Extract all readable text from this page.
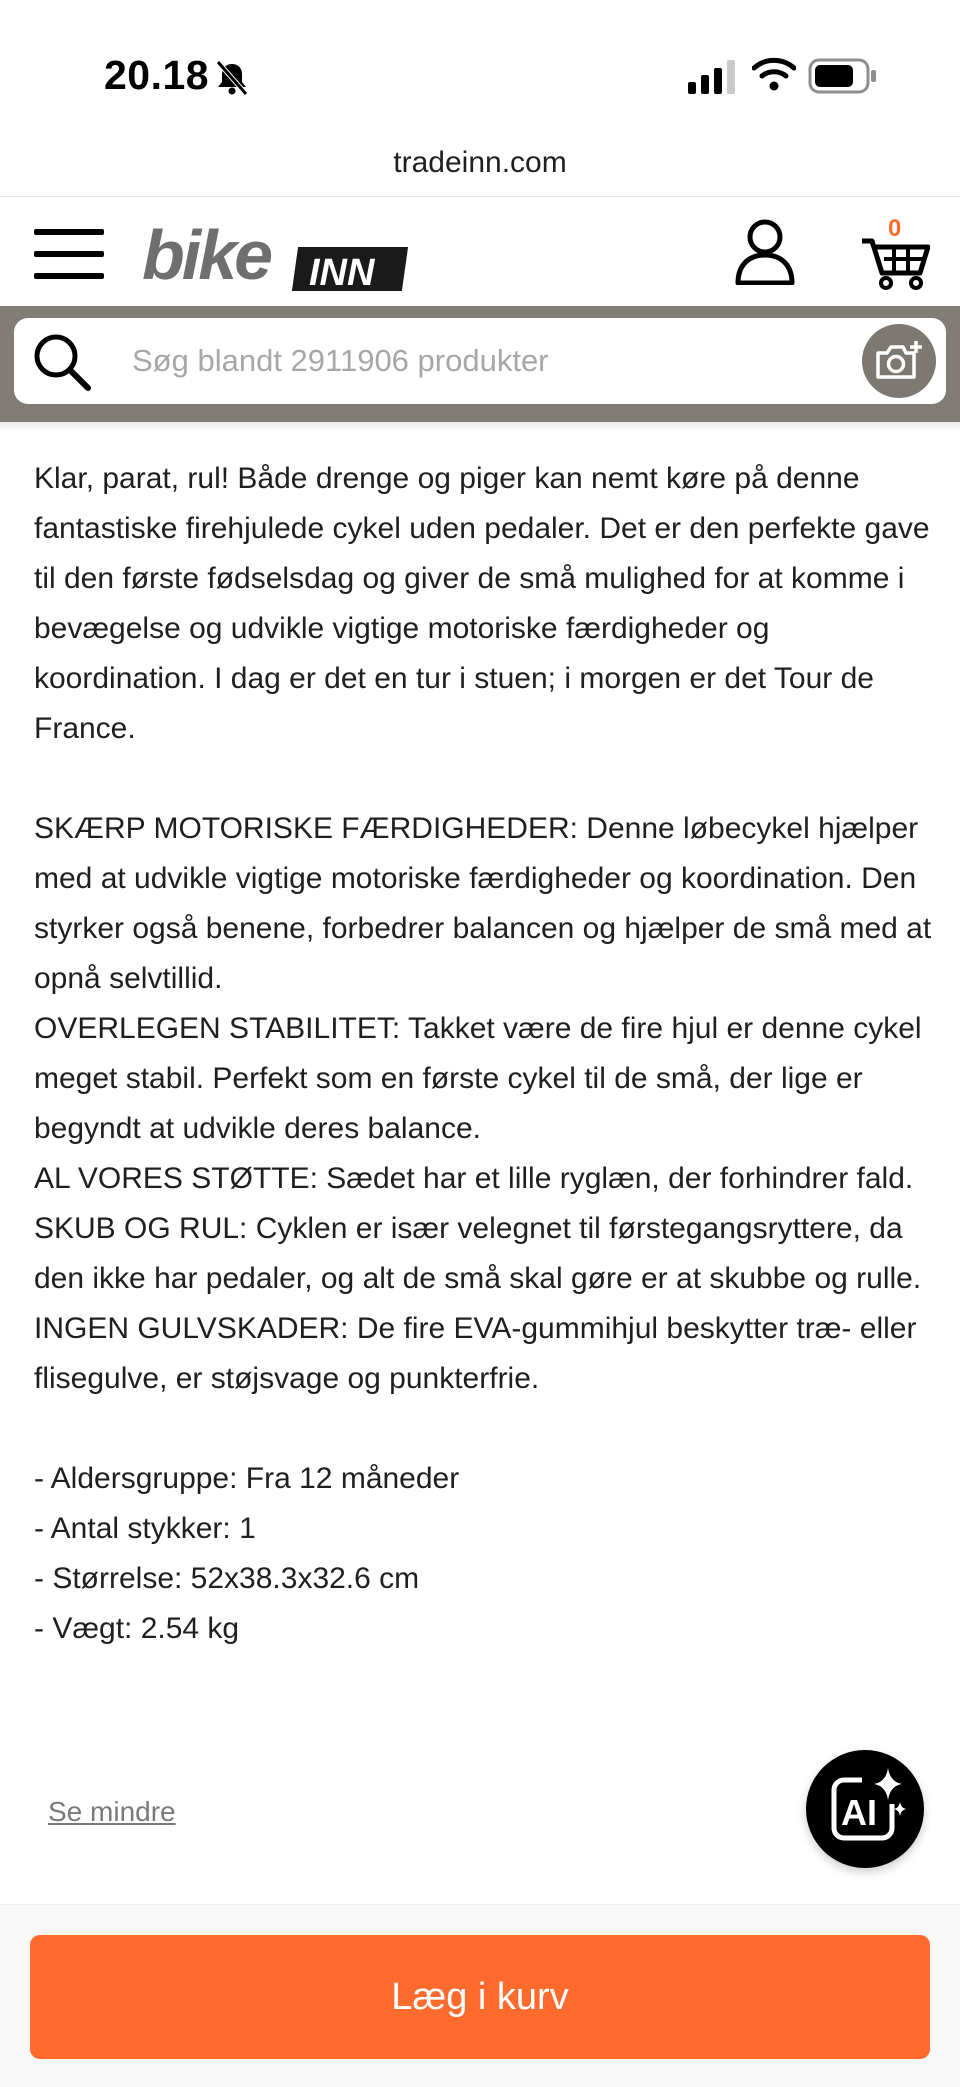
20.18
tradeinn.com
bike INN
0
Søg blandt 2911906 produkter

Klar, parat, rul! Både drenge og piger kan nemt køre på denne fantastiske firehjulede cykel uden pedaler. Det er den perfekte gave til den første fødselsdag og giver de små mulighed for at komme i bevægelse og udvikle vigtige motoriske færdigheder og koordination. I dag er det en tur i stuen; i morgen er det Tour de France.

SKÆRP MOTORISKE FÆRDIGHEDER: Denne løbecykel hjælper med at udvikle vigtige motoriske færdigheder og koordination. Den styrker også benene, forbedrer balancen og hjælper de små med at opnå selvtillid.

OVERLEGEN STABILITET: Takket være de fire hjul er denne cykel meget stabil. Perfekt som en første cykel til de små, der lige er begyndt at udvikle deres balance.

AL VORES STØTTE: Sædet har et lille ryglæn, der forhindrer fald.

SKUB OG RUL: Cyklen er især velegnet til førstegangsryttere, da den ikke har pedaler, og alt de små skal gøre er at skubbe og rulle.

INGEN GULVSKADER: De fire EVA-gummihjul beskytter træ- eller flisegulve, er støjsvage og punkterfrie.

- Aldersgruppe: Fra 12 måneder

- Antal stykker: 1

- Størrelse: 52x38.3x32.6 cm

- Vægt: 2.54 kg

Se mindre	AI
Læg i kurv
